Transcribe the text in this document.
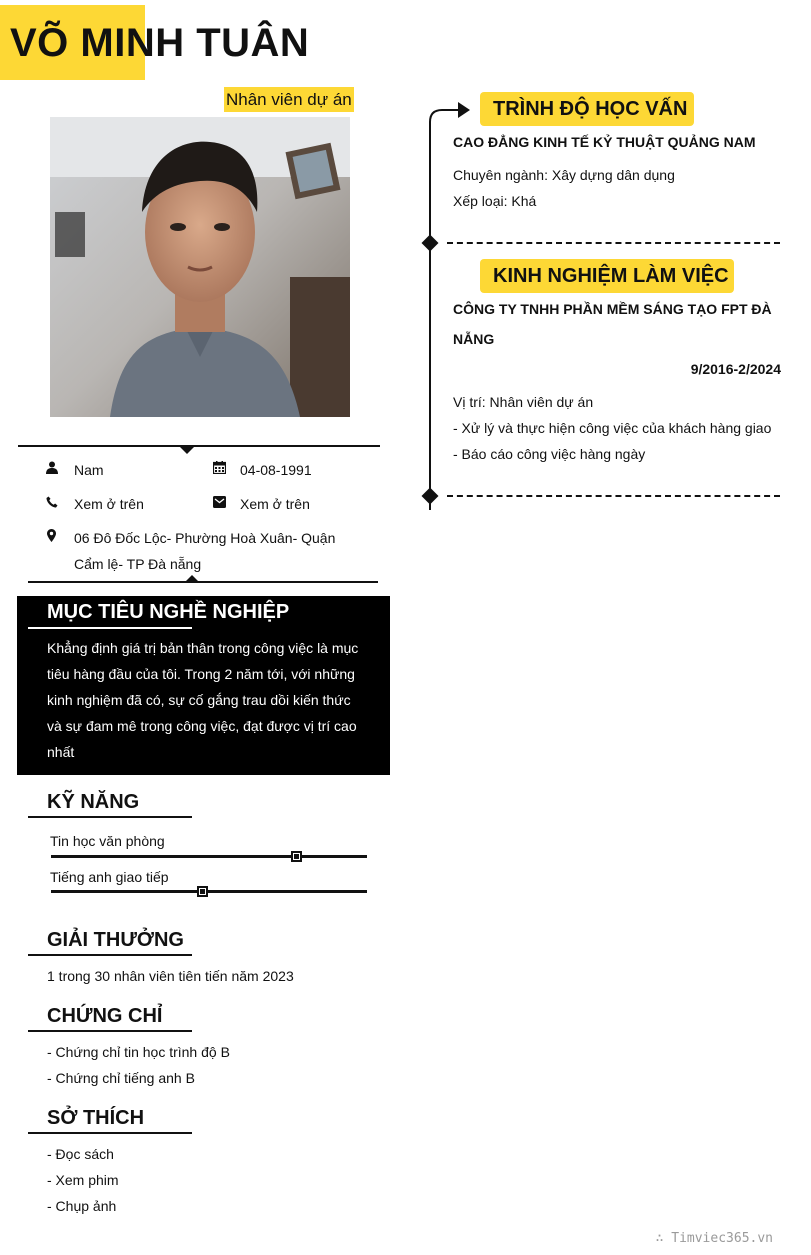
VÕ MINH TUÂN
Nhân viên dự án
Nam	04-08-1991
Xem ở trên	Xem ở trên
06 Đô Đốc Lộc- Phường Hoà Xuân- Quận
Cẩm lệ- TP Đà nẵng
MỤC TIÊU NGHỀ NGHIỆP
Khẳng định giá trị bản thân trong công việc là mục
tiêu hàng đầu của tôi. Trong 2 năm tới, với những
kinh nghiệm đã có, sự cố gắng trau dồi kiến thức
và sự đam mê trong công việc, đạt được vị trí cao
nhất
KỸ NĂNG
Tin học văn phòng
Tiếng anh giao tiếp
GIẢI THƯỞNG
1 trong 30 nhân viên tiên tiến năm 2023
CHỨNG CHỈ
- Chứng chỉ tin học trình độ B
- Chứng chỉ tiếng anh B
SỞ THÍCH
- Đọc sách
- Xem phim
- Chụp ảnh
TRÌNH ĐỘ HỌC VẤN
CAO ĐẲNG KINH TẾ KỶ THUẬT QUẢNG NAM
Chuyên ngành: Xây dựng dân dụng
Xếp loại: Khá
KINH NGHIỆM LÀM VIỆC
CÔNG TY TNHH PHẦN MỀM SÁNG TẠO FPT ĐÀ
NẴNG
9/2016-2/2024
Vị trí: Nhân viên dự án
- Xử lý và thực hiện công việc của khách hàng giao
- Báo cáo công việc hàng ngày
∴ Timviec365.vn
